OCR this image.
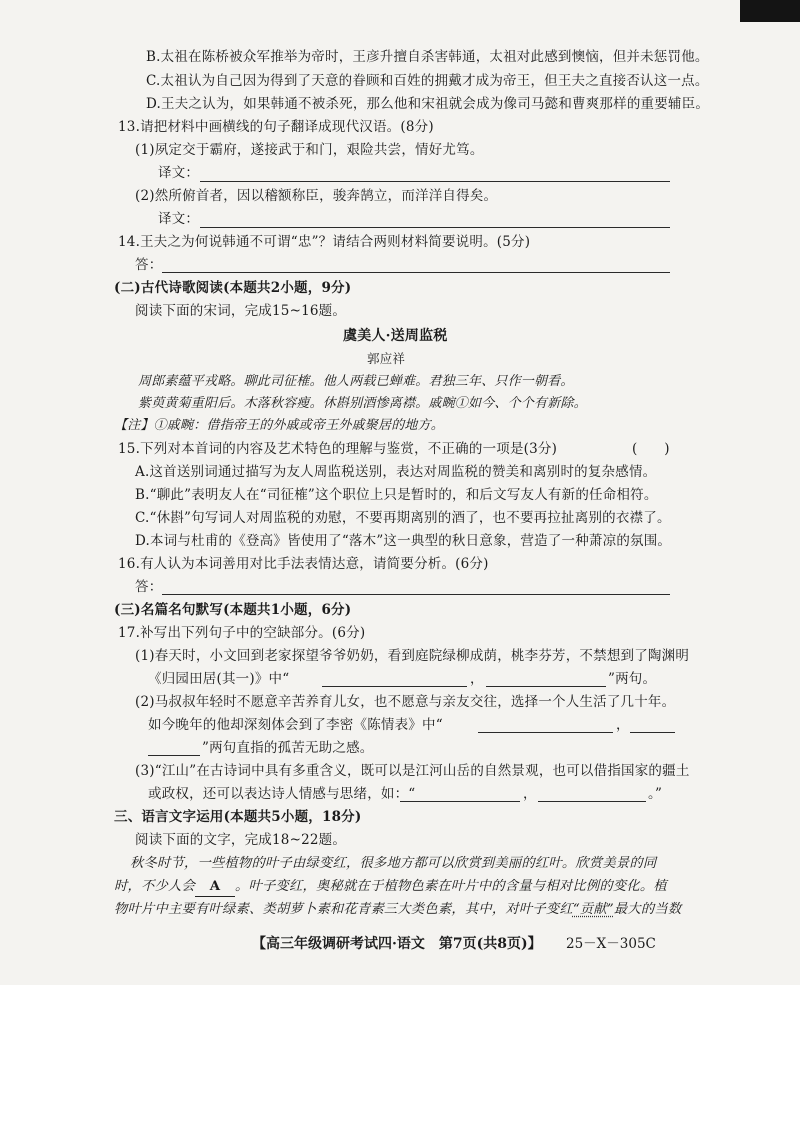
B.太祖在陈桥被众军推举为帝时，王彦升擅自杀害韩通，太祖对此感到懊恼，但并未惩罚他。
C.太祖认为自己因为得到了天意的眷顾和百姓的拥戴才成为帝王，但王夫之直接否认这一点。
D.王夫之认为，如果韩通不被杀死，那么他和宋祖就会成为像司马懿和曹爽那样的重要辅臣。
13.请把材料中画横线的句子翻译成现代汉语。(8分)
(1)夙定交于霸府，遂接武于和门，艰险共尝，情好尤笃。
译文：
(2)然所俯首者，因以稽额称臣，骏奔鹄立，而洋洋自得矣。
译文：
14.王夫之为何说韩通不可谓“忠”？请结合两则材料简要说明。(5分)
答：
(二)古代诗歌阅读(本题共2小题，9分)
阅读下面的宋词，完成15~16题。
虞美人·送周监税
郭应祥
周郎素蕴平戎略。聊此司征榷。他人两载已蝉难。君独三年、只作一朝看。
紫萸黄菊重阳后。木落秋容瘦。休斟别酒惨离襟。戚畹①如今、个个有新除。
【注】①戚畹：借指帝王的外戚或帝王外戚聚居的地方。
15.下列对本首词的内容及艺术特色的理解与鉴赏，不正确的一项是(3分)	(　　)
A.这首送别词通过描写为友人周监税送别，表达对周监税的赞美和离别时的复杂感情。
B.“聊此”表明友人在“司征榷”这个职位上只是暂时的，和后文写友人有新的任命相符。
C.“休斟”句写词人对周监税的劝慰，不要再期离别的酒了，也不要再拉扯离别的衣襟了。
D.本词与杜甫的《登高》皆使用了“落木”这一典型的秋日意象，营造了一种萧凉的氛围。
16.有人认为本词善用对比手法表情达意，请简要分析。(6分)
答：
(三)名篇名句默写(本题共1小题，6分)
17.补写出下列句子中的空缺部分。(6分)
(1)春天时，小文回到老家探望爷爷奶奶，看到庭院绿柳成荫，桃李芬芳，不禁想到了陶渊明
《归园田居(其一)》中“	，	”两句。
(2)马叔叔年轻时不愿意辛苦养育儿女，也不愿意与亲友交往，选择一个人生活了几十年。
如今晚年的他却深刻体会到了李密《陈情表》中“	，
”两句直指的孤苦无助之感。
(3)“江山”在古诗词中具有多重含义，既可以是江河山岳的自然景观，也可以借指国家的疆土
或政权，还可以表达诗人情感与思绪，如：“	，	。”
三、语言文字运用(本题共5小题，18分)
阅读下面的文字，完成18~22题。
秋冬时节，一些植物的叶子由绿变红，很多地方都可以欣赏到美丽的红叶。欣赏美景的同
时，不少人会 A 。叶子变红，奥秘就在于植物色素在叶片中的含量与相对比例的变化。植
物叶片中主要有叶绿素、类胡萝卜素和花青素三大类色素，其中，对叶子变红“贡献”最大的当数
【高三年级调研考试四·语文　第7页(共8页)】 25－X－305C
